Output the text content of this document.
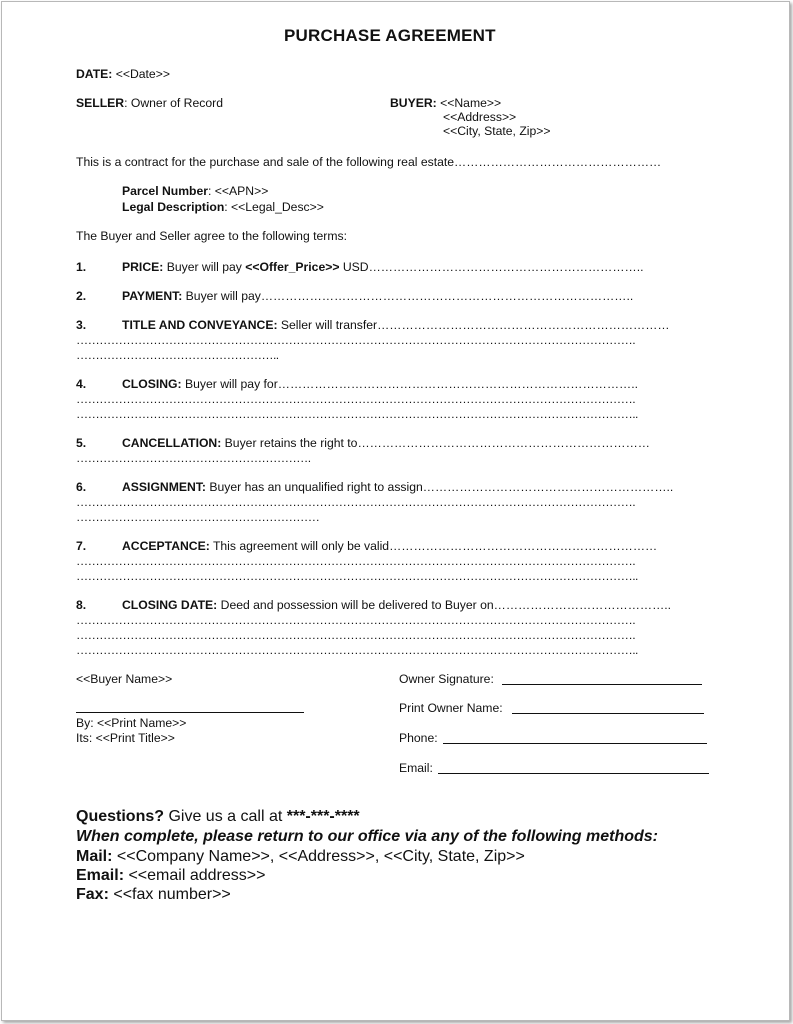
PURCHASE AGREEMENT
DATE: <<Date>>
SELLER: Owner of Record	BUYER: <<Name>>
<<Address>>
<<City, State, Zip>>
This is a contract for the purchase and sale of the following real estate……………………………………………
Parcel Number: <<APN>>
Legal Description: <<Legal_Desc>>
The Buyer and Seller agree to the following terms:
1.	PRICE: Buyer will pay <<Offer_Price>> USD…………………………………………………………..
2.	PAYMENT: Buyer will pay………………………………………………………………………………..
3.	TITLE AND CONVEYANCE: Seller will transfer………………………………………………………………
……………………………………………………………………………………………………………………………….
……………………………………………..
4.	CLOSING: Buyer will pay for……………………………………………………………………………..
……………………………………………………………………………………………………………………………….
………………………………………………………………………………………………………………………………..
5.	CANCELLATION: Buyer retains the right to………………………………………………………………
…………………………………………………….
6.	ASSIGNMENT: Buyer has an unqualified right to assign……………………………………………………..
……………………………………………………………………………………………………………………………….
………………………………………………………
7.	ACCEPTANCE: This agreement will only be valid…………………………………………………………
……………………………………………………………………………………………………………………………….
………………………………………………………………………………………………………………………………..
8.	CLOSING DATE: Deed and possession will be delivered to Buyer on……………………………………..
……………………………………………………………………………………………………………………………….
……………………………………………………………………………………………………………………………….
………………………………………………………………………………………………………………………………..
<<Buyer Name>>
By: <<Print Name>>
Its: <<Print Title>>
Owner Signature:
Print Owner Name:
Phone:
Email:
Questions? Give us a call at ***-***-****
When complete, please return to our office via any of the following methods:
Mail: <<Company Name>>, <<Address>>, <<City, State, Zip>>
Email: <<email address>>
Fax: <<fax number>>
